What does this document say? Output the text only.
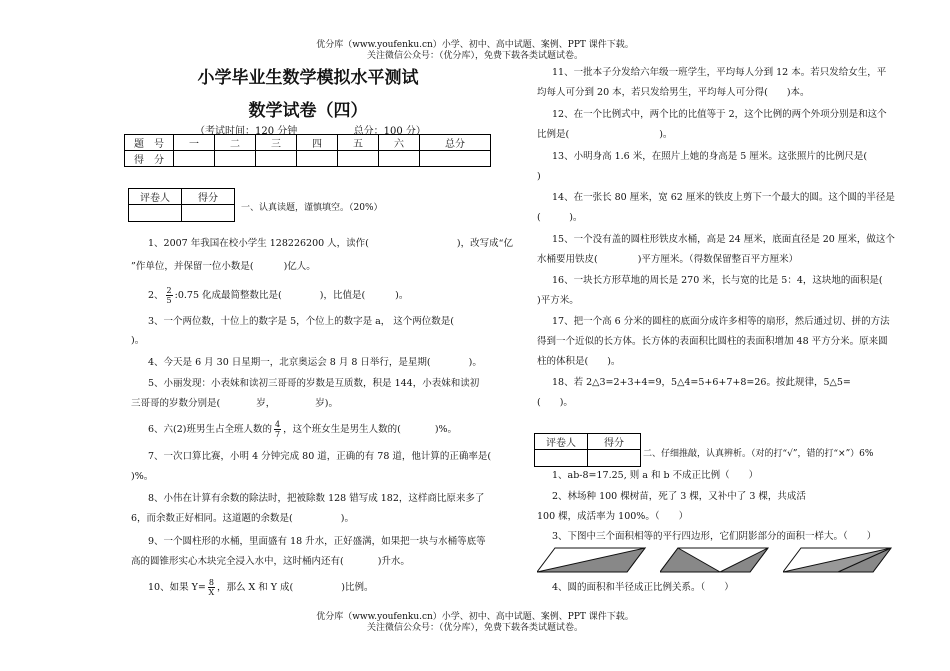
优分库（www.youfenku.cn）小学、初中、高中试题、案例、PPT 课件下载。
关注微信公众号：（优分库），免费下载各类试题试卷。
小学毕业生数学模拟水平测试
数学试卷（四）
（考试时间：120 分钟	总分：100 分）
题　号	一	二	三	四	五	六	总分
得　分							
评卷人	得分

一、认真读题，谨慎填空。（20%）
1、2007 年我国在校小学生 128226200 人，读作(	)，改写成“亿
”作单位，并保留一位小数是(	)亿人。
2、 $\frac{2}{5}$ :0.75 化成最简整数比是(	)，比值是(	)。
3、一个两位数，十位上的数字是 5，个位上的数字是 a， 这个两位数是(
)。
4、今天是 6 月 30 日星期一，北京奥运会 8 月 8 日举行，是星期(　　　　)。
5、小丽发现：小表妹和读初三哥哥的岁数是互质数，积是 144，小表妹和读初
三哥哥的岁数分别是(	岁，	岁)。
6、六(2)班男生占全班人数的 $\frac{4}{7}$ ，这个班女生是男生人数的(	)%。
7、一次口算比赛，小明 4 分钟完成 80 道，正确的有 78 道，他计算的正确率是(
)%。
8、小伟在计算有余数的除法时，把被除数 128 错写成 182，这样商比原来多了
6，而余数正好相同。这道题的余数是(	)。
9、一个圆柱形的水桶，里面盛有 18 升水，正好盛满，如果把一块与水桶等底等
高的圆锥形实心木块完全浸入水中，这时桶内还有(	)升水。
10、如果 $Y= \frac{8}{X}$ ，那么 X 和 Y 成(	)比例。
11、一批本子分发给六年级一班学生，平均每人分到 12 本。若只发给女生，平
均每人可分到 20 本，若只发给男生，平均每人可分得(　　)本。
12、在一个比例式中，两个比的比值等于 2，这个比例的两个外项分别是和这个
比例是(	)。
13、小明身高 1.6 米，在照片上她的身高是 5 厘米。这张照片的比例尺是(
)
14、在一张长 80 厘米，宽 62 厘米的铁皮上剪下一个最大的圆。这个圆的半径是
(　　　)。
15、一个没有盖的圆柱形铁皮水桶，高是 24 厘米，底面直径是 20 厘米，做这个
水桶要用铁皮(	)平方厘米。（得数保留整百平方厘米）
16、一块长方形草地的周长是 270 米，长与宽的比是 5：4，这块地的面积是(
)平方米。
17、把一个高 6 分米的圆柱的底面分成许多相等的扇形，然后通过切、拼的方法
得到一个近似的长方体。长方体的表面积比圆柱的表面积增加 48 平方分米。原来圆
柱的体积是(　　)。
18、若 2△3=2+3+4=9，5△4=5+6+7+8=26。按此规律，5△5=
(　　)。
评卷人	得分

二、仔细推敲，认真辨析。（对的打“√”，错的打“×”）6%
1、ab-8=17.25, 则 a 和 b 不成正比例（　　）
2、林场种 100 棵树苗，死了 3 棵，又补中了 3 棵，共成活
100 棵，成活率为 100%。（　　）
3、下图中三个面积相等的平行四边形，它们阴影部分的面积一样大。（　　）
4、圆的面积和半径成正比例关系。（　　）
优分库（www.youfenku.cn）小学、初中、高中试题、案例、PPT 课件下载。
关注微信公众号：（优分库），免费下载各类试题试卷。
